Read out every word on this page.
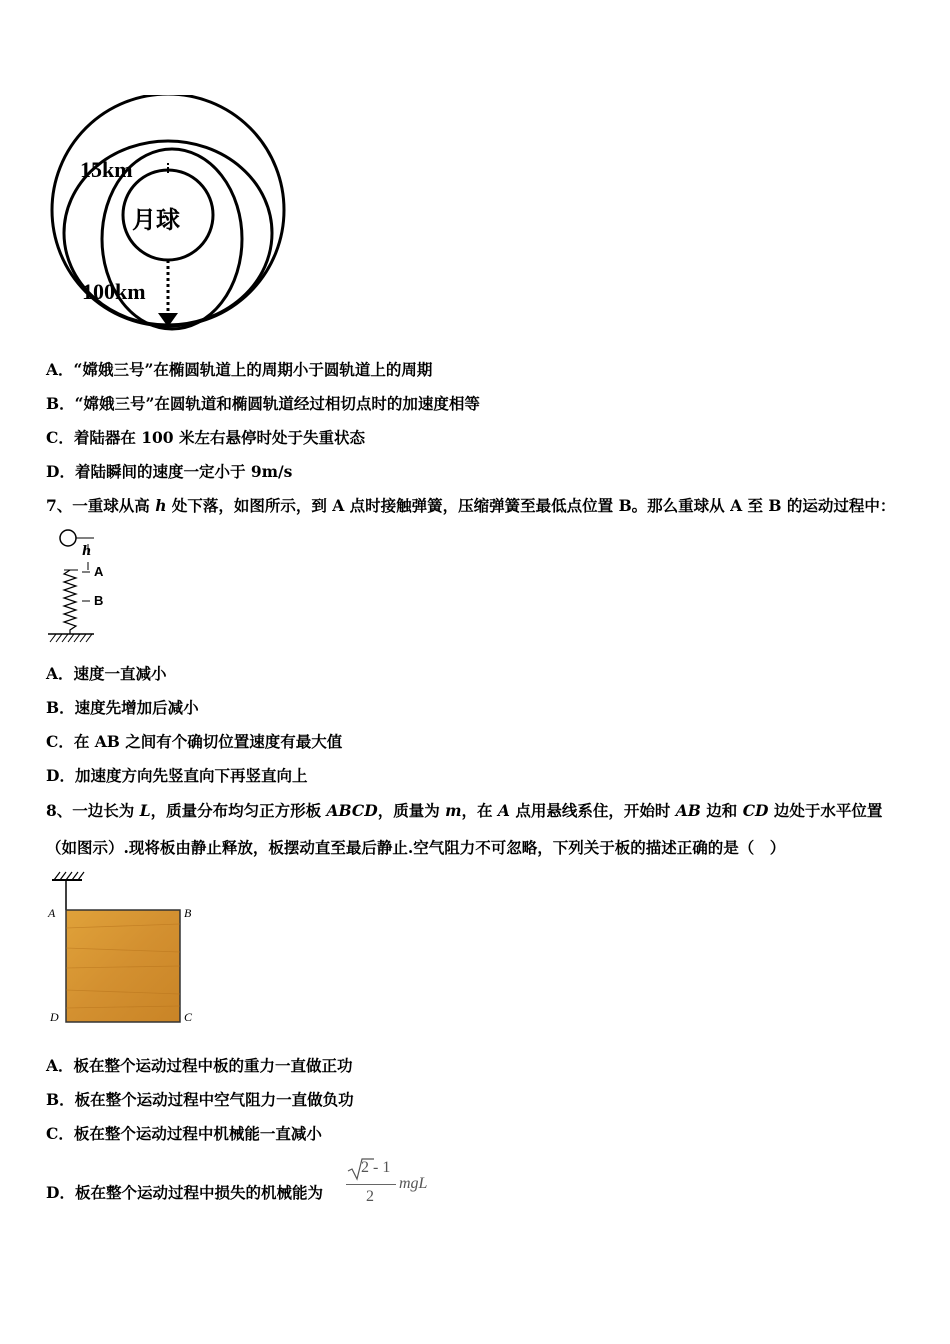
月球
15km
100km
A．“嫦娥三号”在椭圆轨道上的周期小于圆轨道上的周期
B．“嫦娥三号”在圆轨道和椭圆轨道经过相切点时的加速度相等
C．着陆器在 100 米左右悬停时处于失重状态
D．着陆瞬间的速度一定小于 9m/s
7、一重球从高 h 处下落，如图所示，到 A 点时接触弹簧，压缩弹簧至最低点位置 B。那么重球从 A 至 B 的运动过程中：
h
A
B
A．速度一直减小
B．速度先增加后减小
C．在 AB 之间有个确切位置速度有最大值
D．加速度方向先竖直向下再竖直向上
8、一边长为 L，质量分布均匀正方形板 ABCD，质量为 m，在 A 点用悬线系住，开始时 AB 边和 CD 边处于水平位置
（如图示）.现将板由静止释放，板摆动直至最后静止.空气阻力不可忽略，下列关于板的描述正确的是（　）
A	B
D	C
A．板在整个运动过程中板的重力一直做正功
B．板在整个运动过程中空气阻力一直做负功
C．板在整个运动过程中机械能一直减小
D．板在整个运动过程中损失的机械能为
2 - 1
2
mgL
